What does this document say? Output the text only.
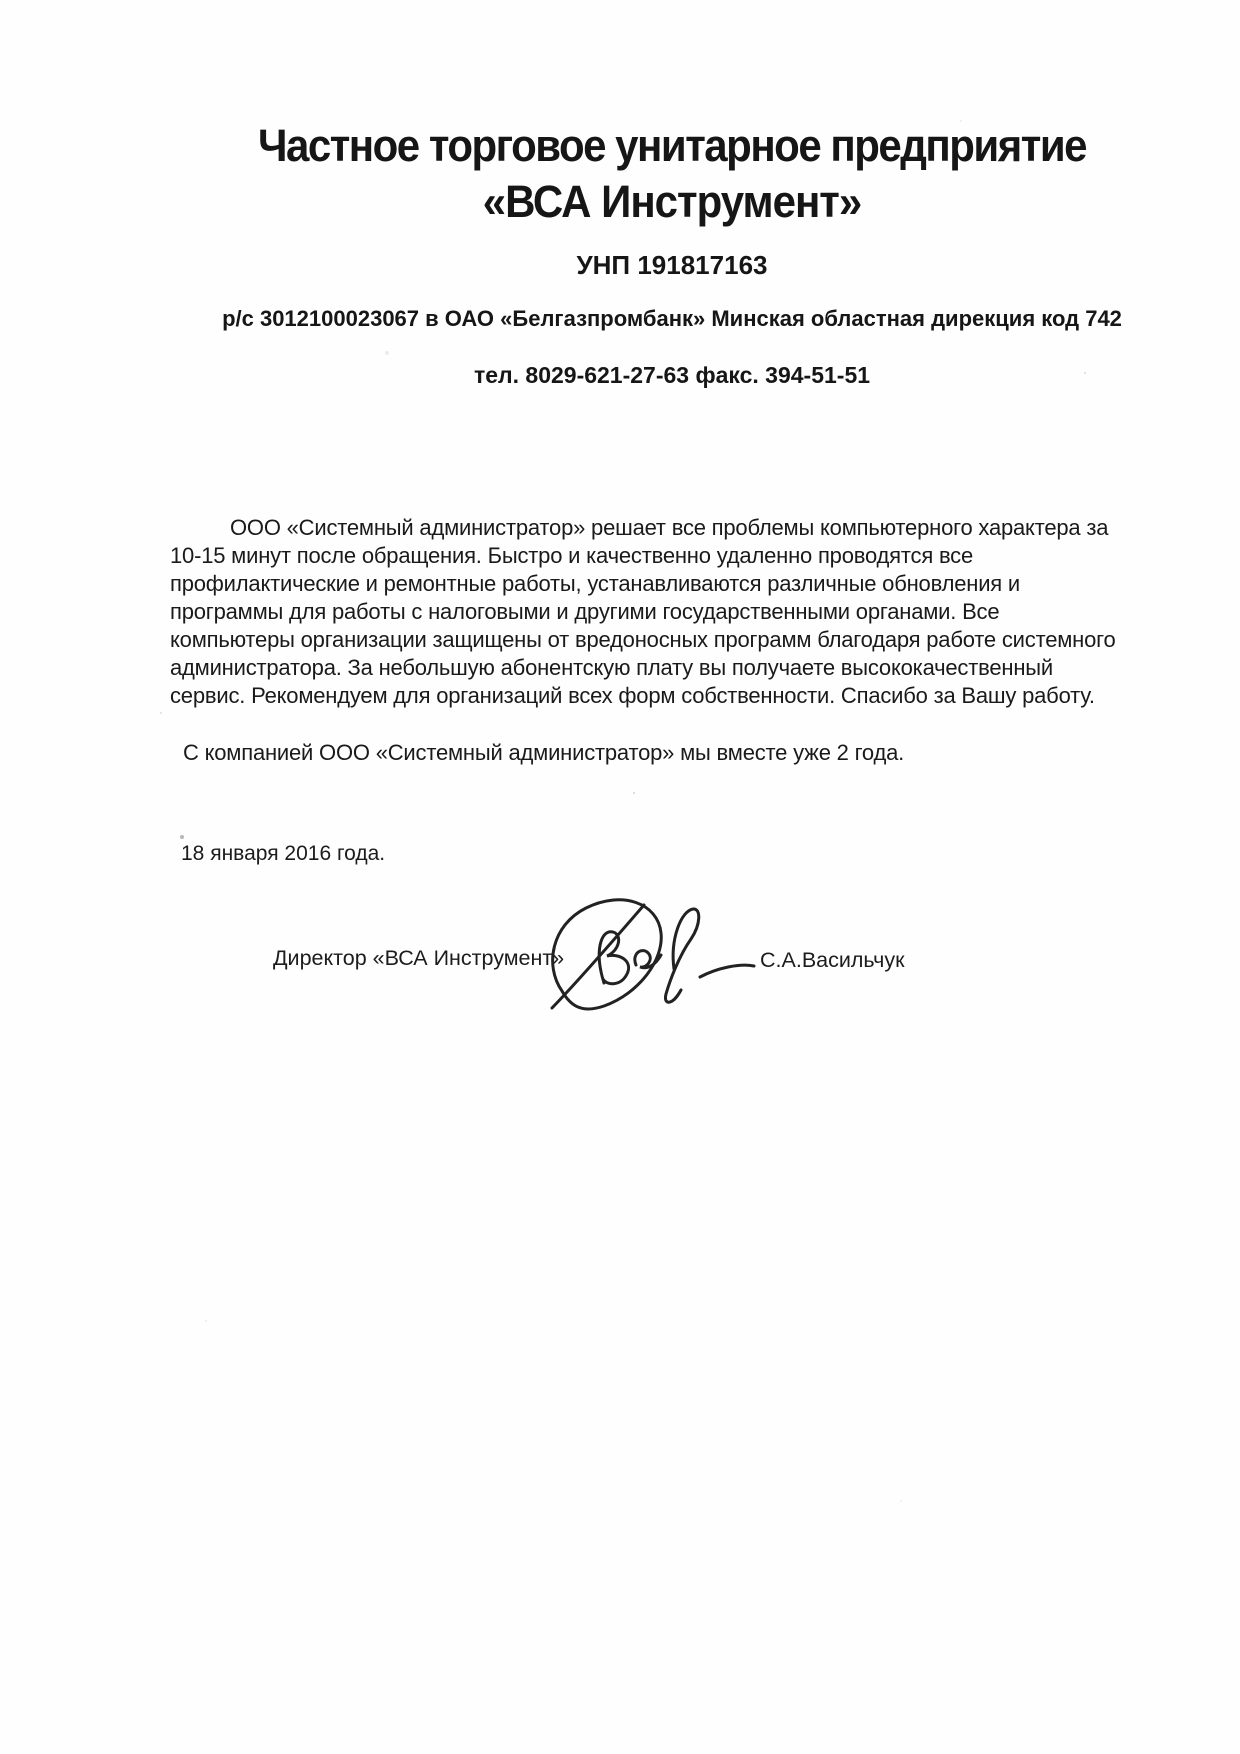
Частное торговое унитарное предприятие
«ВСА Инструмент»
УНП 191817163
р/с 3012100023067 в ОАО «Белгазпромбанк» Минская областная дирекция код 742
тел. 8029-621-27-63 факс. 394-51-51
ООО «Системный администратор» решает все проблемы компьютерного характера за
10-15 минут после обращения. Быстро и качественно удаленно проводятся все
профилактические и ремонтные работы, устанавливаются различные обновления и
программы для работы с налоговыми и другими государственными органами. Все
компьютеры организации защищены от вредоносных программ благодаря работе системного
администратора. За небольшую абонентскую плату вы получаете высококачественный
сервис. Рекомендуем для организаций всех форм собственности. Спасибо за Вашу работу.
С компанией ООО «Системный администратор» мы вместе уже 2 года.
18 января 2016 года.
Директор «ВСА Инструмент»	С.А.Васильчук
